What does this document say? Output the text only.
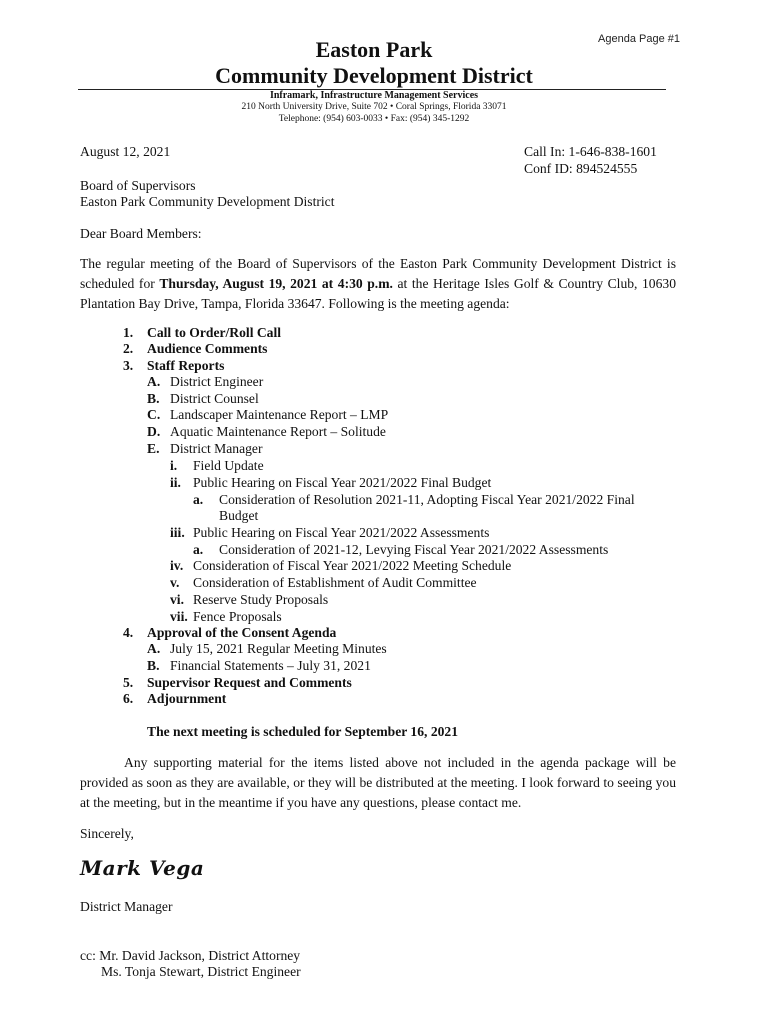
Agenda Page #1
Easton Park
Community Development District
Inframark, Infrastructure Management Services
210 North University Drive, Suite 702 • Coral Springs, Florida 33071
Telephone: (954) 603-0033 • Fax: (954) 345-1292
August 12, 2021	Call In: 1-646-838-1601
Conf ID: 894524555
Board of Supervisors
Easton Park Community Development District
Dear Board Members:
The regular meeting of the Board of Supervisors of the Easton Park Community Development District is scheduled for Thursday, August 19, 2021 at 4:30 p.m. at the Heritage Isles Golf & Country Club, 10630 Plantation Bay Drive, Tampa, Florida 33647. Following is the meeting agenda:
1. Call to Order/Roll Call
2. Audience Comments
3. Staff Reports
A. District Engineer
B. District Counsel
C. Landscaper Maintenance Report – LMP
D. Aquatic Maintenance Report – Solitude
E. District Manager
i. Field Update
ii. Public Hearing on Fiscal Year 2021/2022 Final Budget
a. Consideration of Resolution 2021-11, Adopting Fiscal Year 2021/2022 Final
Budget
iii. Public Hearing on Fiscal Year 2021/2022 Assessments
a. Consideration of 2021-12, Levying Fiscal Year 2021/2022 Assessments
iv. Consideration of Fiscal Year 2021/2022 Meeting Schedule
v. Consideration of Establishment of Audit Committee
vi. Reserve Study Proposals
vii. Fence Proposals
4. Approval of the Consent Agenda
A. July 15, 2021 Regular Meeting Minutes
B. Financial Statements – July 31, 2021
5. Supervisor Request and Comments
6. Adjournment
The next meeting is scheduled for September 16, 2021
Any supporting material for the items listed above not included in the agenda package will be provided as soon as they are available, or they will be distributed at the meeting. I look forward to seeing you at the meeting, but in the meantime if you have any questions, please contact me.
Sincerely,
Mark Vega
District Manager
cc: Mr. David Jackson, District Attorney
Ms. Tonja Stewart, District Engineer
